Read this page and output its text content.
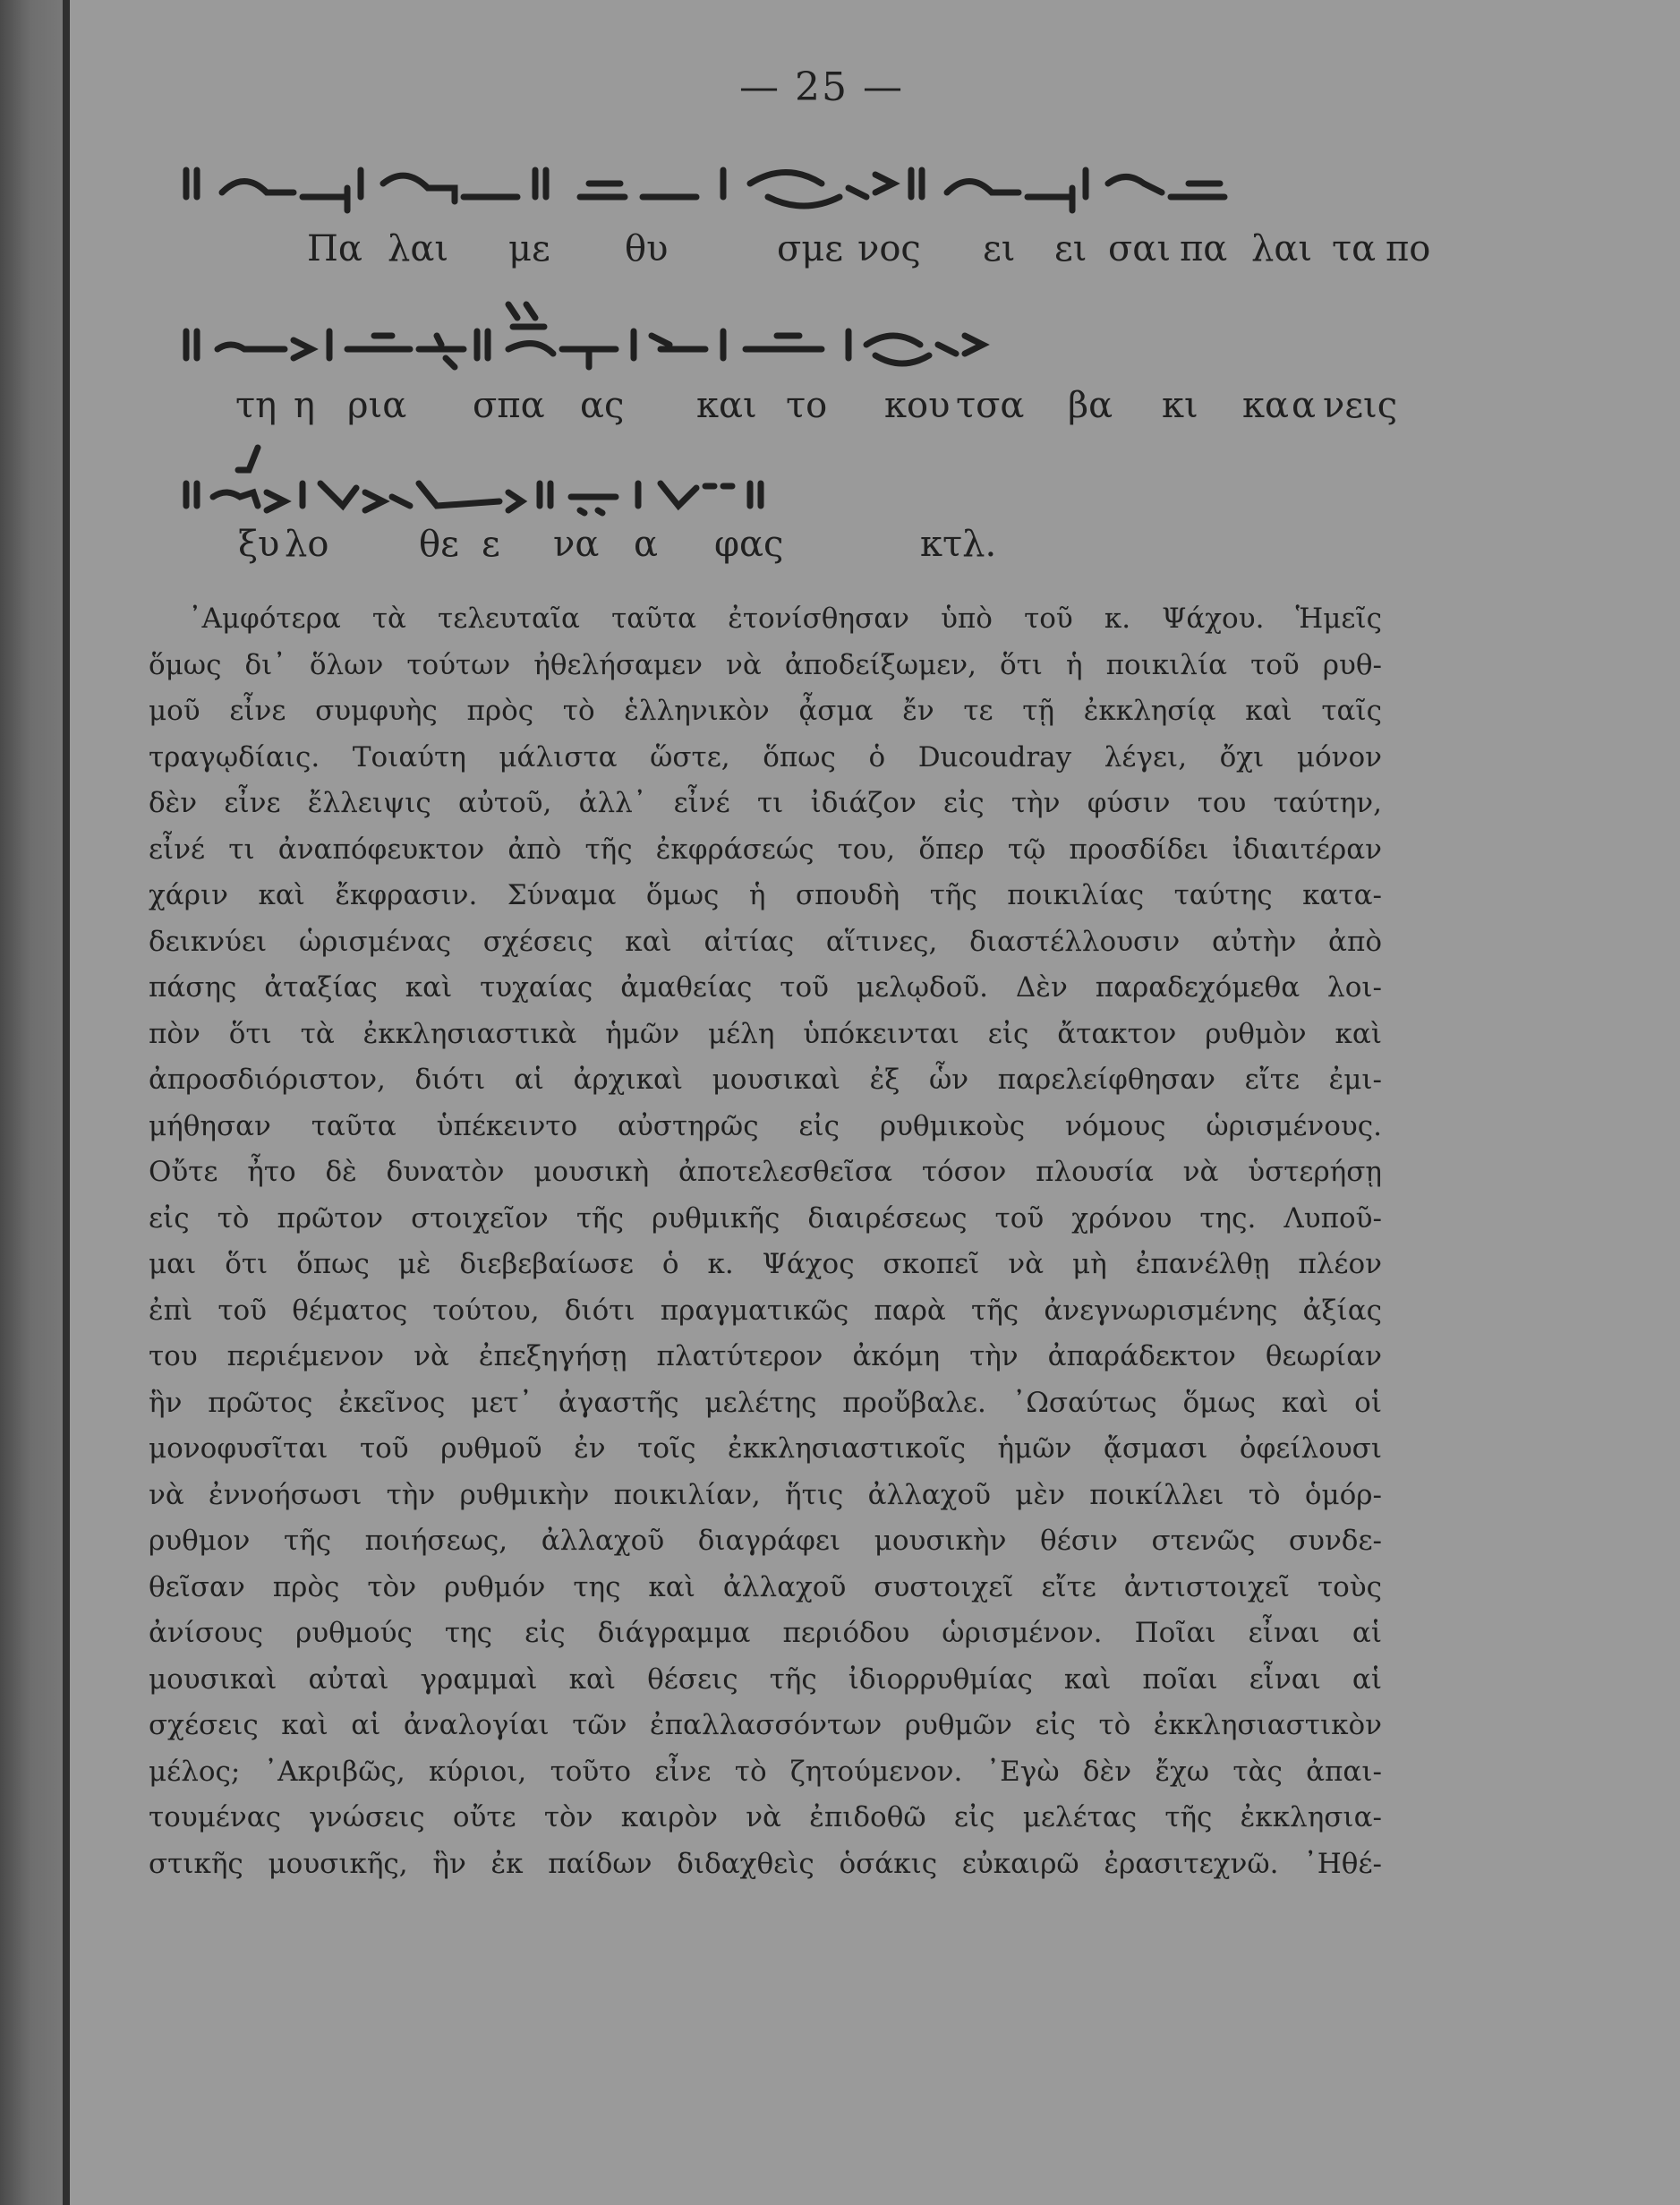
— 25 —
Πα λαι με θυ	σμε νος ει ει σαι πα λαι τα πο
τη η ρια σπα ας και το κου τσα βα κι κα α νεις
ξυ λο	θε ε να α φας	κτλ.
᾿Αμφότερα τὰ τελευταῖα ταῦτα ἐτονίσθησαν ὑπὸ τοῦ κ. Ψάχου. Ἡμεῖς
ὅμως δι᾿ ὅλων τούτων ἠθελήσαμεν νὰ ἀποδείξωμεν, ὅτι ἡ ποικιλία τοῦ ρυθ-
μοῦ εἶνε συμφυὴς πρὸς τὸ ἑλληνικὸν ᾆσμα ἔν τε τῇ ἐκκλησίᾳ καὶ ταῖς
τραγῳδίαις. Τοιαύτη μάλιστα ὥστε, ὅπως ὁ Ducoudray λέγει, ὄχι μόνον
δὲν εἶνε ἔλλειψις αὐτοῦ, ἀλλ᾿ εἶνέ τι ἰδιάζον εἰς τὴν φύσιν του ταύτην,
εἶνέ τι ἀναπόφευκτον ἀπὸ τῆς ἐκφράσεώς του, ὅπερ τῷ προσδίδει ἰδιαιτέραν
χάριν καὶ ἔκφρασιν. Σύναμα ὅμως ἡ σπουδὴ τῆς ποικιλίας ταύτης κατα-
δεικνύει ὡρισμένας σχέσεις καὶ αἰτίας αἵτινες, διαστέλλουσιν αὐτὴν ἀπὸ
πάσης ἀταξίας καὶ τυχαίας ἀμαθείας τοῦ μελῳδοῦ. Δὲν παραδεχόμεθα λοι-
πὸν ὅτι τὰ ἐκκλησιαστικὰ ἡμῶν μέλη ὑπόκεινται εἰς ἄτακτον ρυθμὸν καὶ
ἀπροσδιόριστον, διότι αἱ ἀρχικαὶ μουσικαὶ ἐξ ὧν παρελείφθησαν εἴτε ἐμι-
μήθησαν ταῦτα ὑπέκειντο αὐστηρῶς εἰς ρυθμικοὺς νόμους ὡρισμένους.
Οὔτε ἦτο δὲ δυνατὸν μουσικὴ ἀποτελεσθεῖσα τόσον πλουσία νὰ ὑστερήσῃ
εἰς τὸ πρῶτον στοιχεῖον τῆς ρυθμικῆς διαιρέσεως τοῦ χρόνου της. Λυποῦ-
μαι ὅτι ὅπως μὲ διεβεβαίωσε ὁ κ. Ψάχος σκοπεῖ νὰ μὴ ἐπανέλθῃ πλέον
ἐπὶ τοῦ θέματος τούτου, διότι πραγματικῶς παρὰ τῆς ἀνεγνωρισμένης ἀξίας
του περιέμενον νὰ ἐπεξηγήσῃ πλατύτερον ἀκόμη τὴν ἀπαράδεκτον θεωρίαν
ἣν πρῶτος ἐκεῖνος μετ᾿ ἀγαστῆς μελέτης προὔβαλε. ᾿Ωσαύτως ὅμως καὶ οἱ
μονοφυσῖται τοῦ ρυθμοῦ ἐν τοῖς ἐκκλησιαστικοῖς ἡμῶν ᾄσμασι ὀφείλουσι
νὰ ἐννοήσωσι τὴν ρυθμικὴν ποικιλίαν, ἥτις ἀλλαχοῦ μὲν ποικίλλει τὸ ὁμόρ-
ρυθμον τῆς ποιήσεως, ἀλλαχοῦ διαγράφει μουσικὴν θέσιν στενῶς συνδε-
θεῖσαν πρὸς τὸν ρυθμόν της καὶ ἀλλαχοῦ συστοιχεῖ εἴτε ἀντιστοιχεῖ τοὺς
ἀνίσους ρυθμούς της εἰς διάγραμμα περιόδου ὡρισμένον. Ποῖαι εἶναι αἱ
μουσικαὶ αὐταὶ γραμμαὶ καὶ θέσεις τῆς ἰδιορρυθμίας καὶ ποῖαι εἶναι αἱ
σχέσεις καὶ αἱ ἀναλογίαι τῶν ἐπαλλασσόντων ρυθμῶν εἰς τὸ ἐκκλησιαστικὸν
μέλος; ᾿Ακριβῶς, κύριοι, τοῦτο εἶνε τὸ ζητούμενον. ᾿Εγὼ δὲν ἔχω τὰς ἀπαι-
τουμένας γνώσεις οὔτε τὸν καιρὸν νὰ ἐπιδοθῶ εἰς μελέτας τῆς ἐκκλησια-
στικῆς μουσικῆς, ἣν ἐκ παίδων διδαχθεὶς ὁσάκις εὐκαιρῶ ἐρασιτεχνῶ. ᾿Ηθέ-
